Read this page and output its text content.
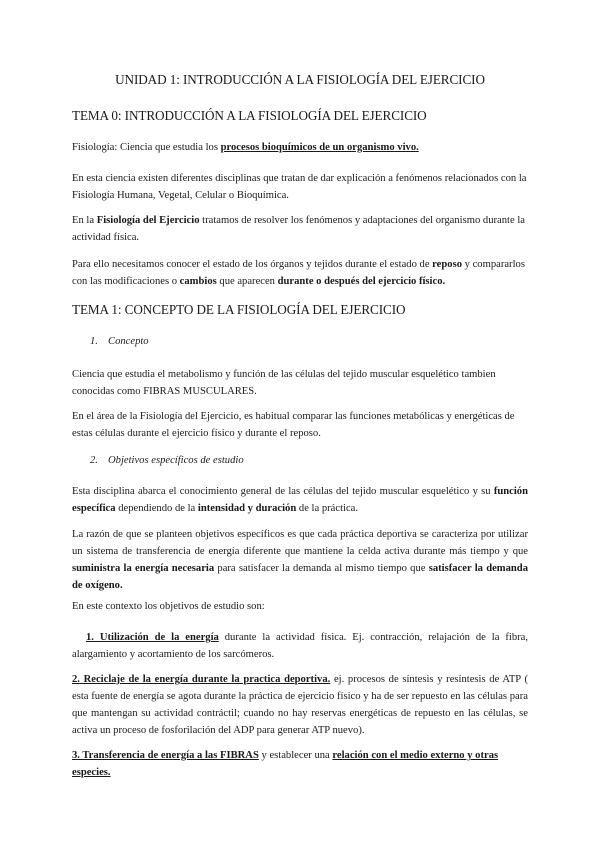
UNIDAD 1: INTRODUCCIÓN A LA FISIOLOGÍA DEL EJERCICIO
TEMA 0: INTRODUCCIÓN A LA FISIOLOGÍA DEL EJERCICIO

Fisiología: Ciencia que estudia los procesos bioquímicos de un organismo vivo.

En esta ciencia existen diferentes disciplinas que tratan de dar explicación a fenómenos relacionados con la Fisiología Humana, Vegetal, Celular o Bioquímica.

En la Fisiología del Ejercicio tratamos de resolver los fenómenos y adaptaciones del organismo durante la actividad física.

Para ello necesitamos conocer el estado de los órganos y tejidos durante el estado de reposo y compararlos con las modificaciones o cambios que aparecen durante o después del ejercicio físico.

TEMA 1: CONCEPTO DE LA FISIOLOGÍA DEL EJERCICIO
1. Concepto

Ciencia que estudia el metabolismo y función de las células del tejido muscular esquelético tambien conocidas como FIBRAS MUSCULARES.

En el área de la Fisiología del Ejercicio, es habitual comparar las funciones metabólicas y energéticas de estas células durante el ejercicio físico y durante el reposo.

2. Objetivos específicos de estudio

Esta disciplina abarca el conocimiento general de las células del tejido muscular esquelético y su función específica dependiendo de la intensidad y duración de la práctica.

La razón de que se planteen objetivos específicos es que cada práctica deportiva se caracteriza por utilizar un sistema de transferencia de energía diferente que mantiene la celda activa durante más tiempo y que suministra la energía necesaria para satisfacer la demanda al mismo tiempo que satisfacer la demanda de oxígeno.

En este contexto los objetivos de estudio son:

1. Utilización de la energía durante la actividad física. Ej. contracción, relajación de la fibra, alargamiento y acortamiento de los sarcómeros.

2. Reciclaje de la energía durante la practica deportiva. ej. procesos de síntesis y resíntesis de ATP ( esta fuente de energía se agota durante la práctica de ejercicio físico y ha de ser repuesto en las células para que mantengan su actividad contráctil; cuando no hay reservas energéticas de repuesto en las células, se activa un proceso de fosforilación del ADP para generar ATP nuevo).

3. Transferencia de energía a las FIBRAS y establecer una relación con el medio externo y otras especies.
